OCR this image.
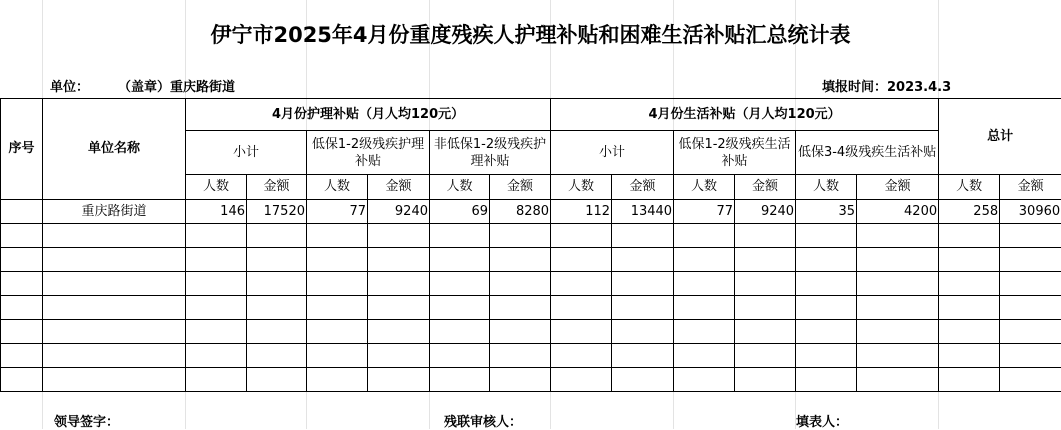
伊宁市2025年4月份重度残疾人护理补贴和困难生活补贴汇总统计表
单位： （盖章）重庆路街道	填报时间：2023.4.3
序号	单位名称	4月份护理补贴（月人均120元）						4月份生活补贴（月人均120元）						总计	
		小计		低保1-2级残疾护理补贴		非低保1-2级残疾护理补贴		小计		低保1-2级残疾生活补贴		低保3-4级残疾生活补贴			
		人数	金额	人数	金额	人数	金额	人数	金额	人数	金额	人数	金额	人数	金额
	重庆路街道	146	17520	77	9240	69	8280	112	13440	77	9240	35	4200	258	30960

领导签字：	残联审核人：	填表人：
